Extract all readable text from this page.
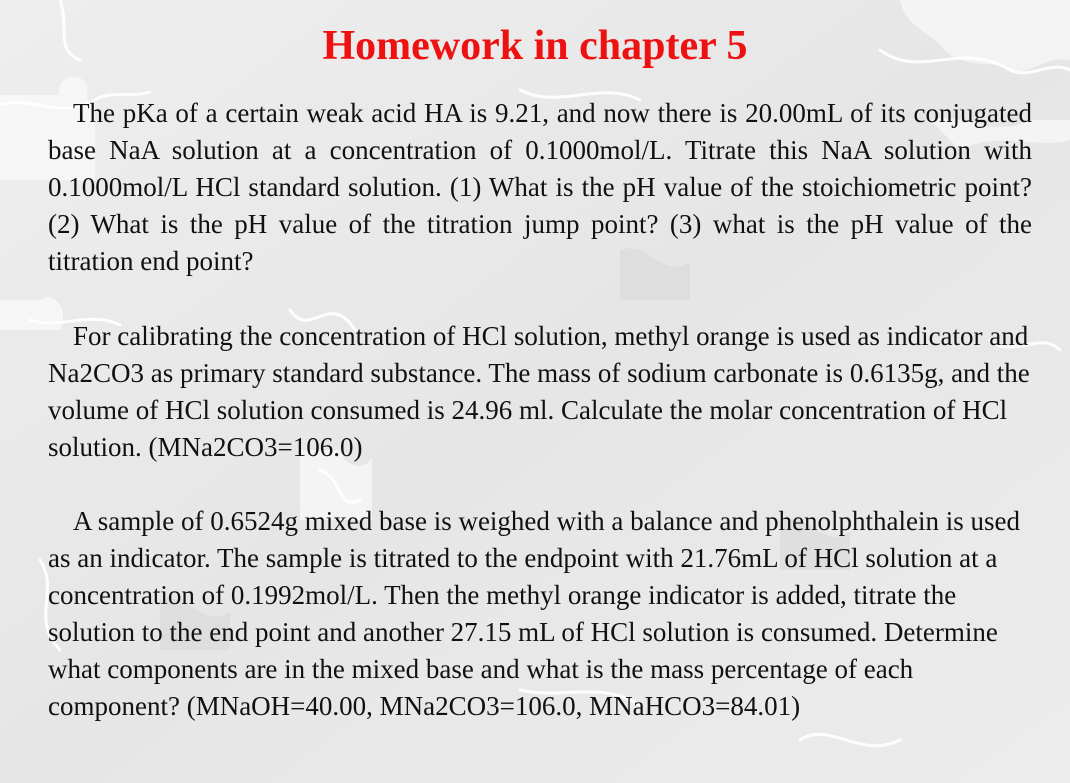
Homework in chapter 5

The pKa of a certain weak acid HA is 9.21, and now there is 20.00mL of its conjugated base NaA solution at a concentration of 0.1000mol/L. Titrate this NaA solution with 0.1000mol/L HCl standard solution. (1) What is the pH value of the stoichiometric point? (2) What is the pH value of the titration jump point? (3) what is the pH value of the titration end point?

For calibrating the concentration of HCl solution, methyl orange is used as indicator and Na2CO3 as primary standard substance. The mass of sodium carbonate is 0.6135g, and the volume of HCl solution consumed is 24.96 ml. Calculate the molar concentration of HCl solution. (MNa2CO3=106.0)

A sample of 0.6524g mixed base is weighed with a balance and phenolphthalein is used as an indicator. The sample is titrated to the endpoint with 21.76mL of HCl solution at a concentration of 0.1992mol/L. Then the methyl orange indicator is added, titrate the solution to the end point and another 27.15 mL of HCl solution is consumed. Determine what components are in the mixed base and what is the mass percentage of each component? (MNaOH=40.00, MNa2CO3=106.0, MNaHCO3=84.01)
